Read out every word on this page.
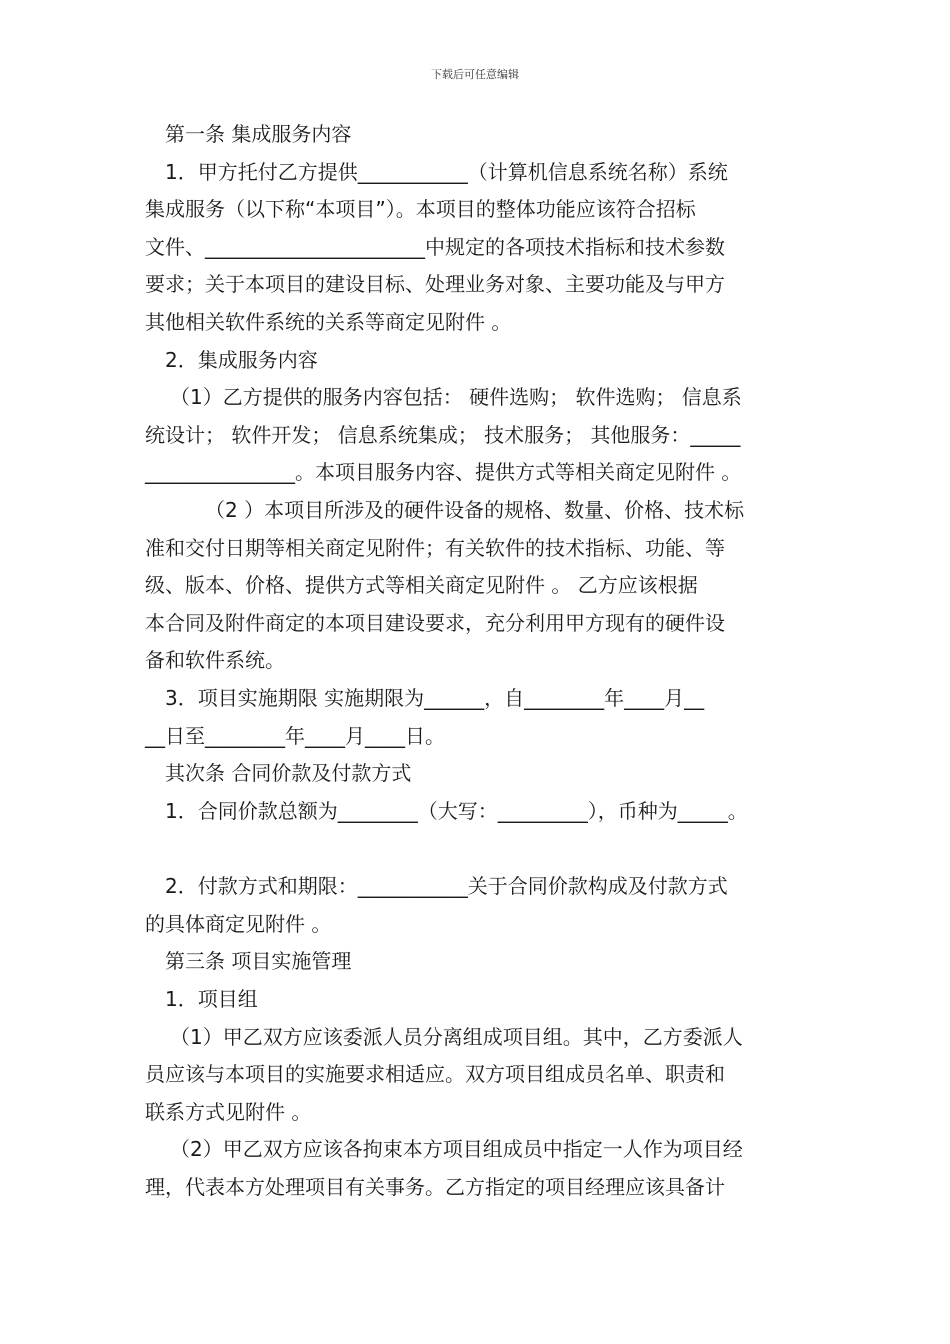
下载后可任意编辑
第一条 集成服务内容
1．甲方托付乙方提供___________（计算机信息系统名称）系统
集成服务（以下称“本项目”）。本项目的整体功能应该符合招标
文件、______________________中规定的各项技术指标和技术参数
要求；关于本项目的建设目标、处理业务对象、主要功能及与甲方
其他相关软件系统的关系等商定见附件 。
2．集成服务内容
（1）乙方提供的服务内容包括： 硬件选购； 软件选购； 信息系
统设计； 软件开发； 信息系统集成； 技术服务； 其他服务：_____
_______________。本项目服务内容、提供方式等相关商定见附件 。
（2 ）本项目所涉及的硬件设备的规格、数量、价格、技术标
准和交付日期等相关商定见附件；有关软件的技术指标、功能、等
级、版本、价格、提供方式等相关商定见附件 。 乙方应该根据
本合同及附件商定的本项目建设要求，充分利用甲方现有的硬件设
备和软件系统。
3．项目实施期限 实施期限为______，自________年____月__
__日至________年____月____日。
其次条 合同价款及付款方式
1．合同价款总额为________（大写：_________），币种为_____。
2．付款方式和期限：___________关于合同价款构成及付款方式
的具体商定见附件 。
第三条 项目实施管理
1．项目组
（1）甲乙双方应该委派人员分离组成项目组。其中，乙方委派人
员应该与本项目的实施要求相适应。双方项目组成员名单、职责和
联系方式见附件 。
（2）甲乙双方应该各拘束本方项目组成员中指定一人作为项目经
理，代表本方处理项目有关事务。乙方指定的项目经理应该具备计
